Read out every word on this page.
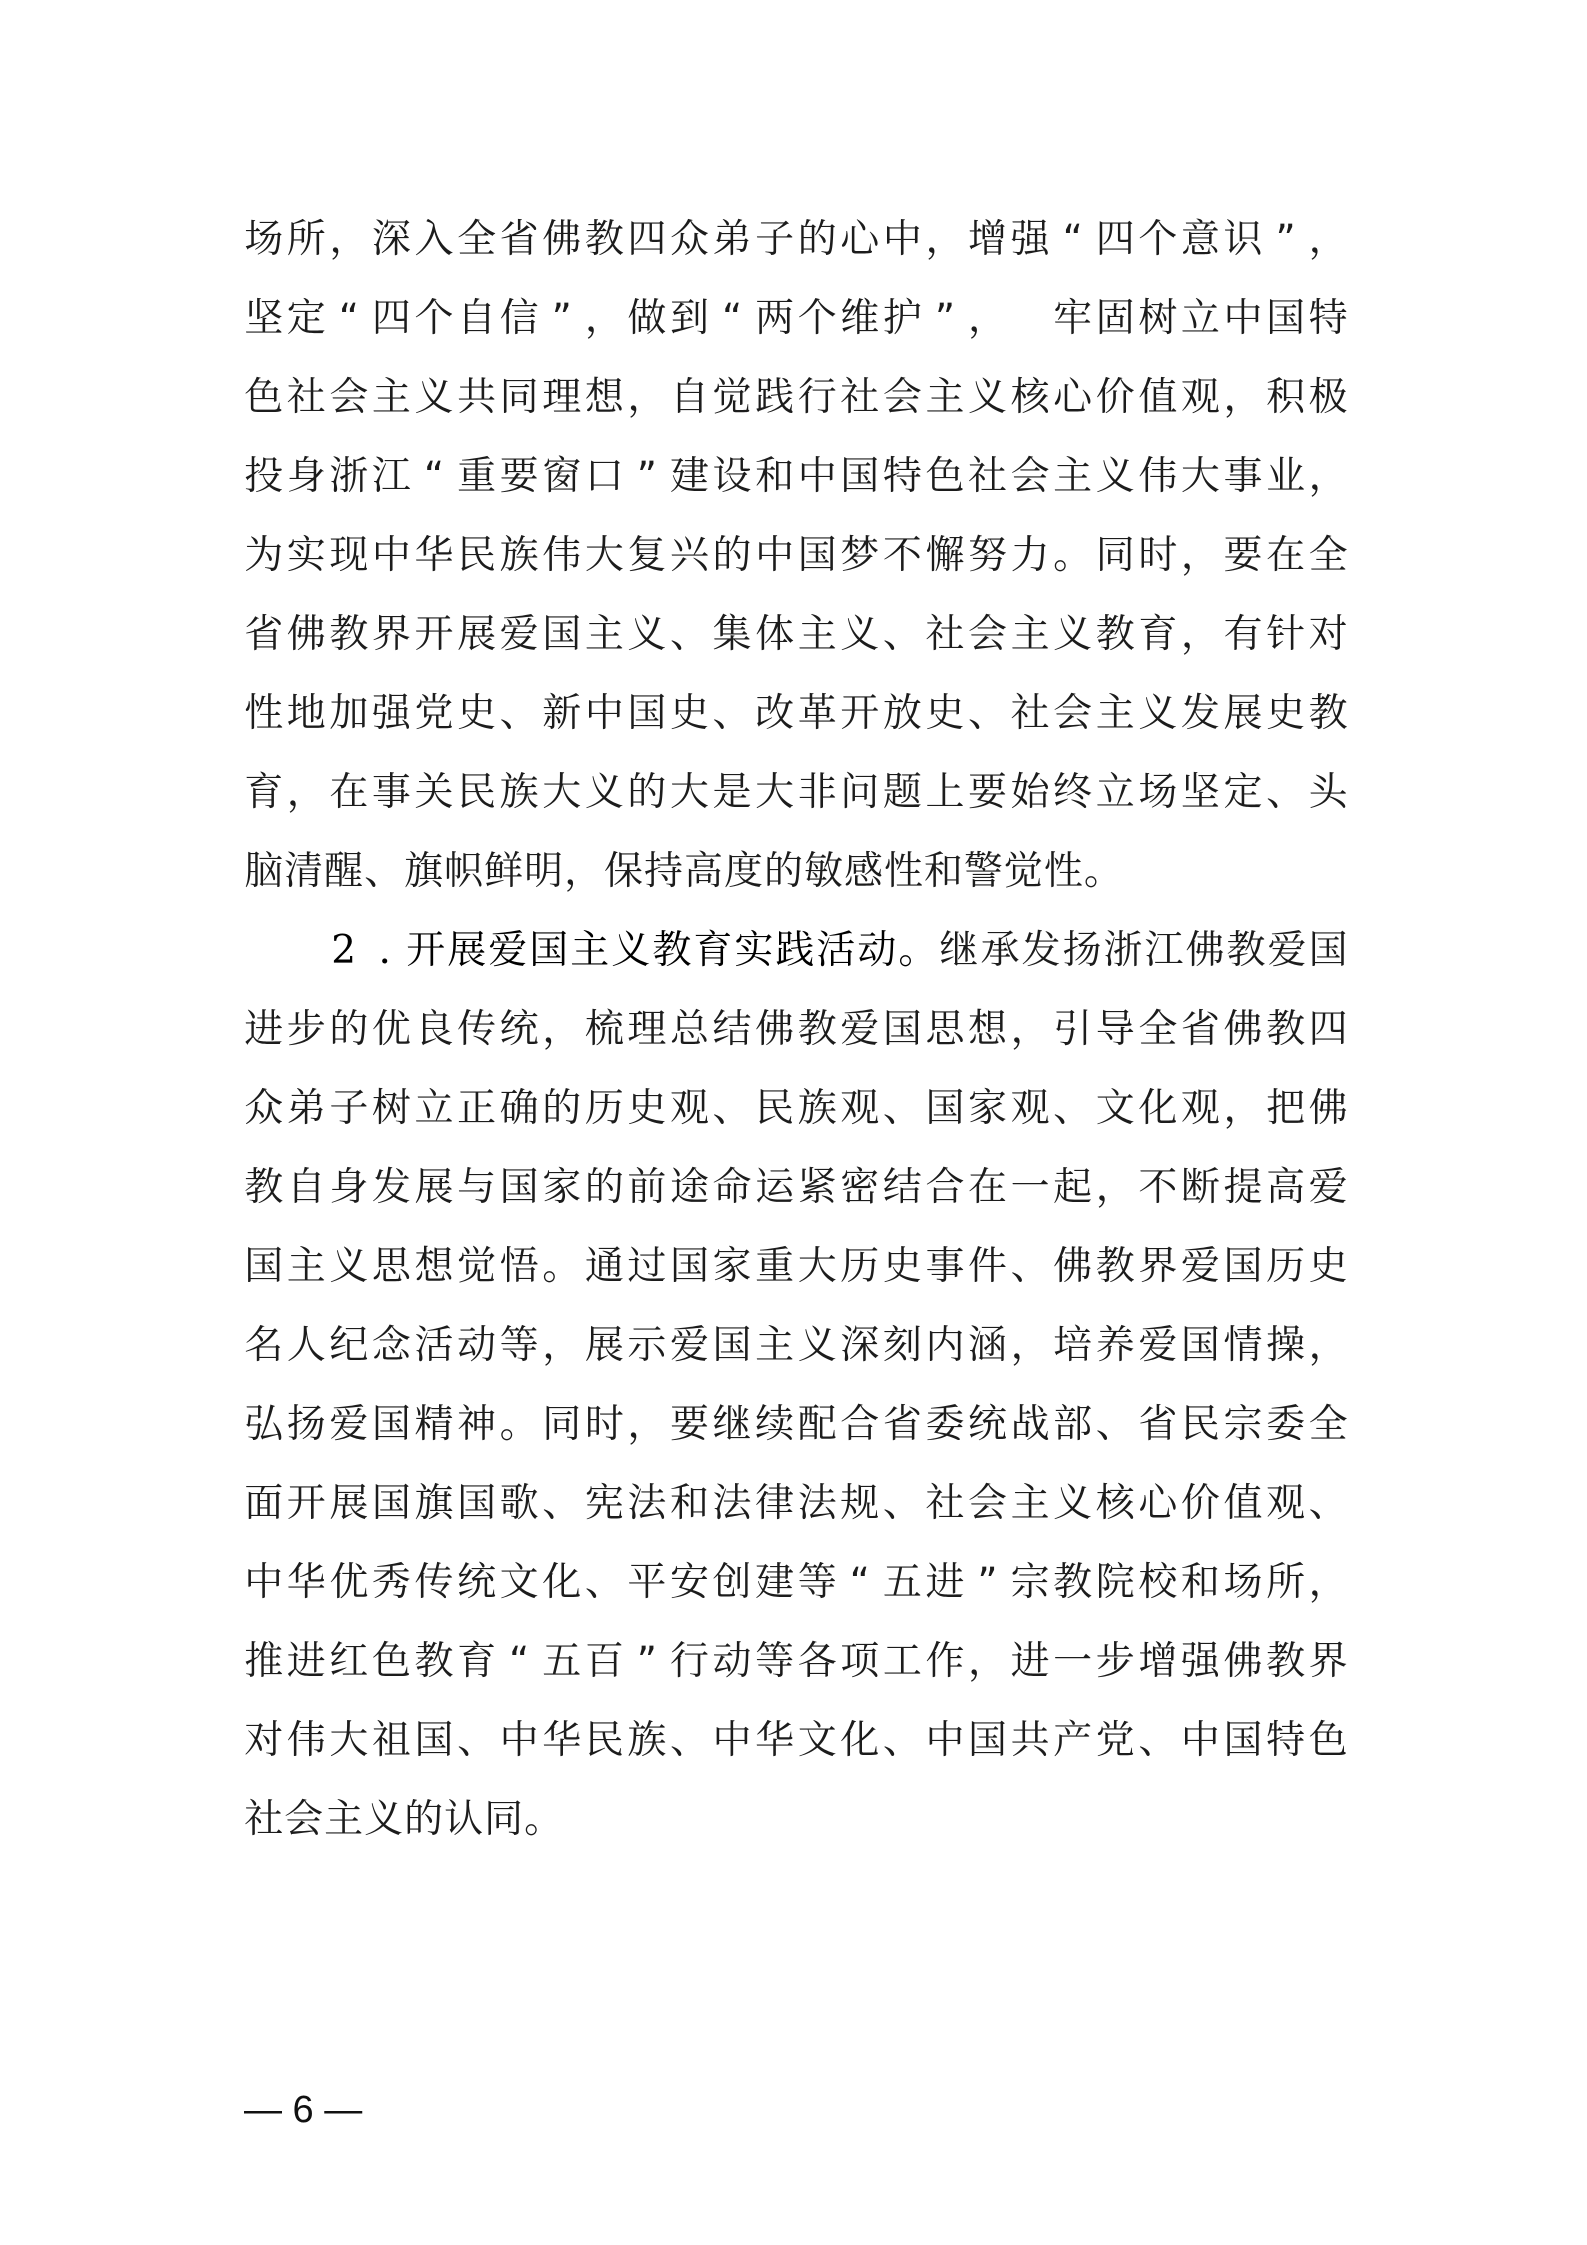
场 所 ， 深 入 全 省 佛 教 四 众 弟 子 的 心 中 ， 增 强 “ 四 个 意 识 ” ，
坚 定 “ 四 个 自 信 ” ， 做 到 “ 两 个 维 护 ” ， 牢 固 树 立 中 国 特
色 社 会 主 义 共 同 理 想 ， 自 觉 践 行 社 会 主 义 核 心 价 值 观 ， 积 极
投 身 浙 江 “ 重 要 窗 口 ” 建 设 和 中 国 特 色 社 会 主 义 伟 大 事 业 ，
为 实 现 中 华 民 族 伟 大 复 兴 的 中 国 梦 不 懈 努 力 。 同 时 ， 要 在 全
省 佛 教 界 开 展 爱 国 主 义 、 集 体 主 义 、 社 会 主 义 教 育 ， 有 针 对
性 地 加 强 党 史 、 新 中 国 史 、 改 革 开 放 史 、 社 会 主 义 发 展 史 教
育 ， 在 事 关 民 族 大 义 的 大 是 大 非 问 题 上 要 始 终 立 场 坚 定 、 头
脑 清 醒 、 旗 帜 鲜 明 ， 保 持 高 度 的 敏 感 性 和 警 觉 性 。
2 . 开 展 爱 国 主 义 教 育 实 践 活 动 。 继 承 发 扬 浙 江 佛 教 爱 国
进 步 的 优 良 传 统 ， 梳 理 总 结 佛 教 爱 国 思 想 ， 引 导 全 省 佛 教 四
众 弟 子 树 立 正 确 的 历 史 观 、 民 族 观 、 国 家 观 、 文 化 观 ， 把 佛
教 自 身 发 展 与 国 家 的 前 途 命 运 紧 密 结 合 在 一 起 ， 不 断 提 高 爱
国 主 义 思 想 觉 悟 。 通 过 国 家 重 大 历 史 事 件 、 佛 教 界 爱 国 历 史
名 人 纪 念 活 动 等 ， 展 示 爱 国 主 义 深 刻 内 涵 ， 培 养 爱 国 情 操 ，
弘 扬 爱 国 精 神 。 同 时 ， 要 继 续 配 合 省 委 统 战 部 、 省 民 宗 委 全
面 开 展 国 旗 国 歌 、 宪 法 和 法 律 法 规 、 社 会 主 义 核 心 价 值 观 、
中 华 优 秀 传 统 文 化 、 平 安 创 建 等 “ 五 进 ” 宗 教 院 校 和 场 所 ，
推 进 红 色 教 育 “ 五 百 ” 行 动 等 各 项 工 作 ， 进 一 步 增 强 佛 教 界
对 伟 大 祖 国 、 中 华 民 族 、 中 华 文 化 、 中 国 共 产 党 、 中 国 特 色
社 会 主 义 的 认 同 。
— 6 —
